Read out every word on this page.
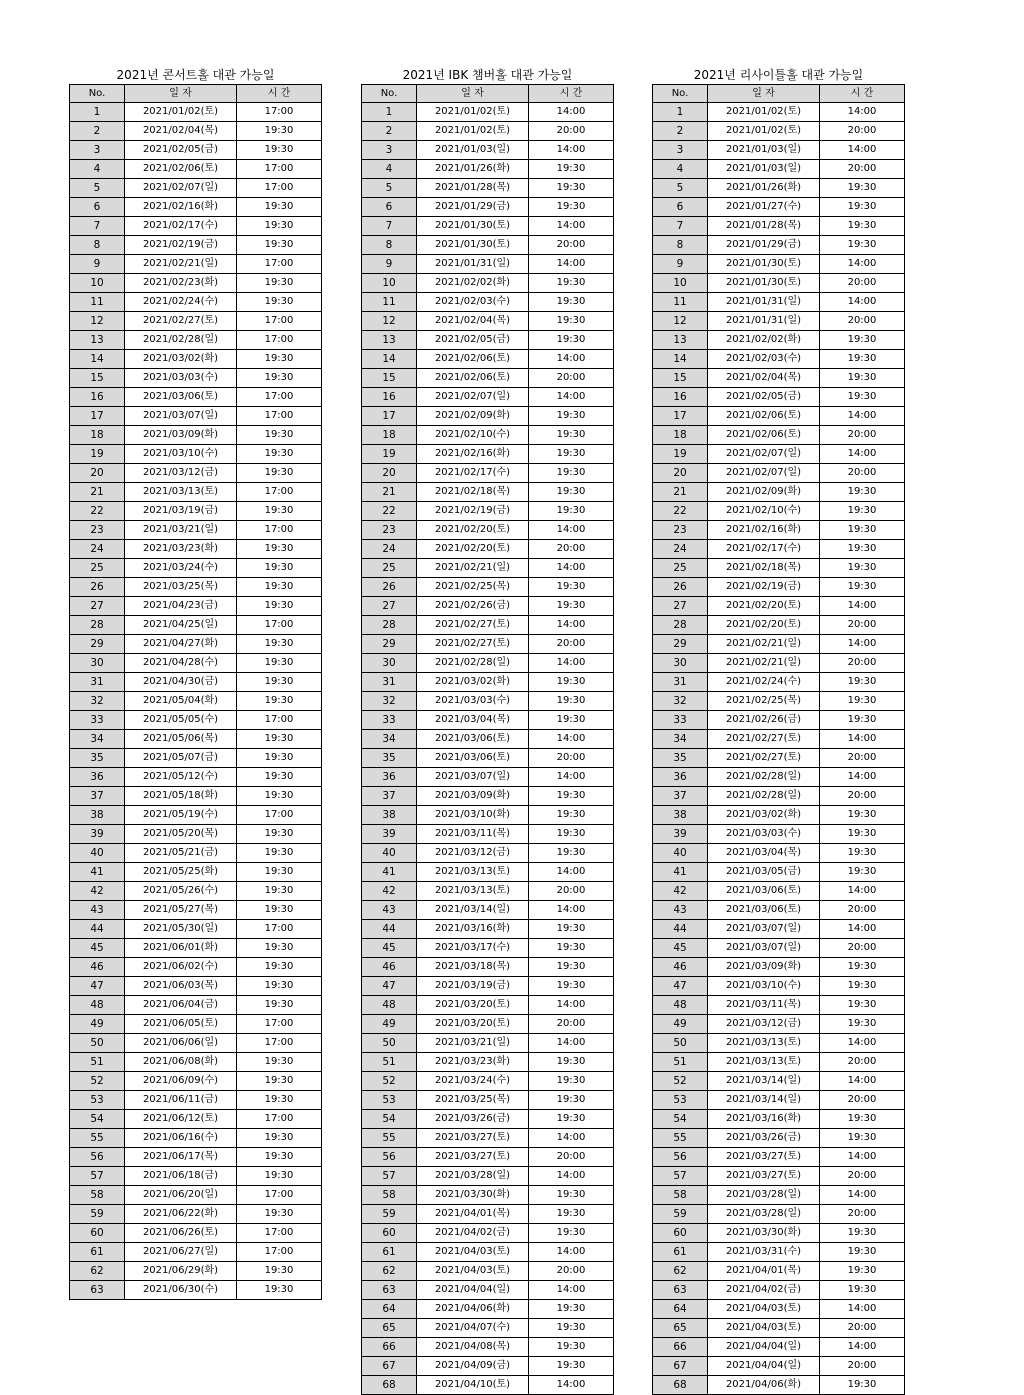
2021년 콘서트홀 대관 가능일
No.	일 자	시 간
1	2021/01/02(토)	17:00
2	2021/02/04(목)	19:30
3	2021/02/05(금)	19:30
4	2021/02/06(토)	17:00
5	2021/02/07(일)	17:00
6	2021/02/16(화)	19:30
7	2021/02/17(수)	19:30
8	2021/02/19(금)	19:30
9	2021/02/21(일)	17:00
10	2021/02/23(화)	19:30
11	2021/02/24(수)	19:30
12	2021/02/27(토)	17:00
13	2021/02/28(일)	17:00
14	2021/03/02(화)	19:30
15	2021/03/03(수)	19:30
16	2021/03/06(토)	17:00
17	2021/03/07(일)	17:00
18	2021/03/09(화)	19:30
19	2021/03/10(수)	19:30
20	2021/03/12(금)	19:30
21	2021/03/13(토)	17:00
22	2021/03/19(금)	19:30
23	2021/03/21(일)	17:00
24	2021/03/23(화)	19:30
25	2021/03/24(수)	19:30
26	2021/03/25(목)	19:30
27	2021/04/23(금)	19:30
28	2021/04/25(일)	17:00
29	2021/04/27(화)	19:30
30	2021/04/28(수)	19:30
31	2021/04/30(금)	19:30
32	2021/05/04(화)	19:30
33	2021/05/05(수)	17:00
34	2021/05/06(목)	19:30
35	2021/05/07(금)	19:30
36	2021/05/12(수)	19:30
37	2021/05/18(화)	19:30
38	2021/05/19(수)	17:00
39	2021/05/20(목)	19:30
40	2021/05/21(금)	19:30
41	2021/05/25(화)	19:30
42	2021/05/26(수)	19:30
43	2021/05/27(목)	19:30
44	2021/05/30(일)	17:00
45	2021/06/01(화)	19:30
46	2021/06/02(수)	19:30
47	2021/06/03(목)	19:30
48	2021/06/04(금)	19:30
49	2021/06/05(토)	17:00
50	2021/06/06(일)	17:00
51	2021/06/08(화)	19:30
52	2021/06/09(수)	19:30
53	2021/06/11(금)	19:30
54	2021/06/12(토)	17:00
55	2021/06/16(수)	19:30
56	2021/06/17(목)	19:30
57	2021/06/18(금)	19:30
58	2021/06/20(일)	17:00
59	2021/06/22(화)	19:30
60	2021/06/26(토)	17:00
61	2021/06/27(일)	17:00
62	2021/06/29(화)	19:30
63	2021/06/30(수)	19:30
2021년 IBK 챔버홀 대관 가능일
No.	일 자	시 간
1	2021/01/02(토)	14:00
2	2021/01/02(토)	20:00
3	2021/01/03(일)	14:00
4	2021/01/26(화)	19:30
5	2021/01/28(목)	19:30
6	2021/01/29(금)	19:30
7	2021/01/30(토)	14:00
8	2021/01/30(토)	20:00
9	2021/01/31(일)	14:00
10	2021/02/02(화)	19:30
11	2021/02/03(수)	19:30
12	2021/02/04(목)	19:30
13	2021/02/05(금)	19:30
14	2021/02/06(토)	14:00
15	2021/02/06(토)	20:00
16	2021/02/07(일)	14:00
17	2021/02/09(화)	19:30
18	2021/02/10(수)	19:30
19	2021/02/16(화)	19:30
20	2021/02/17(수)	19:30
21	2021/02/18(목)	19:30
22	2021/02/19(금)	19:30
23	2021/02/20(토)	14:00
24	2021/02/20(토)	20:00
25	2021/02/21(일)	14:00
26	2021/02/25(목)	19:30
27	2021/02/26(금)	19:30
28	2021/02/27(토)	14:00
29	2021/02/27(토)	20:00
30	2021/02/28(일)	14:00
31	2021/03/02(화)	19:30
32	2021/03/03(수)	19:30
33	2021/03/04(목)	19:30
34	2021/03/06(토)	14:00
35	2021/03/06(토)	20:00
36	2021/03/07(일)	14:00
37	2021/03/09(화)	19:30
38	2021/03/10(화)	19:30
39	2021/03/11(목)	19:30
40	2021/03/12(금)	19:30
41	2021/03/13(토)	14:00
42	2021/03/13(토)	20:00
43	2021/03/14(일)	14:00
44	2021/03/16(화)	19:30
45	2021/03/17(수)	19:30
46	2021/03/18(목)	19:30
47	2021/03/19(금)	19:30
48	2021/03/20(토)	14:00
49	2021/03/20(토)	20:00
50	2021/03/21(일)	14:00
51	2021/03/23(화)	19:30
52	2021/03/24(수)	19:30
53	2021/03/25(목)	19:30
54	2021/03/26(금)	19:30
55	2021/03/27(토)	14:00
56	2021/03/27(토)	20:00
57	2021/03/28(일)	14:00
58	2021/03/30(화)	19:30
59	2021/04/01(목)	19:30
60	2021/04/02(금)	19:30
61	2021/04/03(토)	14:00
62	2021/04/03(토)	20:00
63	2021/04/04(일)	14:00
64	2021/04/06(화)	19:30
65	2021/04/07(수)	19:30
66	2021/04/08(목)	19:30
67	2021/04/09(금)	19:30
68	2021/04/10(토)	14:00
2021년 리사이틀홀 대관 가능일
No.	일 자	시 간
1	2021/01/02(토)	14:00
2	2021/01/02(토)	20:00
3	2021/01/03(일)	14:00
4	2021/01/03(일)	20:00
5	2021/01/26(화)	19:30
6	2021/01/27(수)	19:30
7	2021/01/28(목)	19:30
8	2021/01/29(금)	19:30
9	2021/01/30(토)	14:00
10	2021/01/30(토)	20:00
11	2021/01/31(일)	14:00
12	2021/01/31(일)	20:00
13	2021/02/02(화)	19:30
14	2021/02/03(수)	19:30
15	2021/02/04(목)	19:30
16	2021/02/05(금)	19:30
17	2021/02/06(토)	14:00
18	2021/02/06(토)	20:00
19	2021/02/07(일)	14:00
20	2021/02/07(일)	20:00
21	2021/02/09(화)	19:30
22	2021/02/10(수)	19:30
23	2021/02/16(화)	19:30
24	2021/02/17(수)	19:30
25	2021/02/18(목)	19:30
26	2021/02/19(금)	19:30
27	2021/02/20(토)	14:00
28	2021/02/20(토)	20:00
29	2021/02/21(일)	14:00
30	2021/02/21(일)	20:00
31	2021/02/24(수)	19:30
32	2021/02/25(목)	19:30
33	2021/02/26(금)	19:30
34	2021/02/27(토)	14:00
35	2021/02/27(토)	20:00
36	2021/02/28(일)	14:00
37	2021/02/28(일)	20:00
38	2021/03/02(화)	19:30
39	2021/03/03(수)	19:30
40	2021/03/04(목)	19:30
41	2021/03/05(금)	19:30
42	2021/03/06(토)	14:00
43	2021/03/06(토)	20:00
44	2021/03/07(일)	14:00
45	2021/03/07(일)	20:00
46	2021/03/09(화)	19:30
47	2021/03/10(수)	19:30
48	2021/03/11(목)	19:30
49	2021/03/12(금)	19:30
50	2021/03/13(토)	14:00
51	2021/03/13(토)	20:00
52	2021/03/14(일)	14:00
53	2021/03/14(일)	20:00
54	2021/03/16(화)	19:30
55	2021/03/26(금)	19:30
56	2021/03/27(토)	14:00
57	2021/03/27(토)	20:00
58	2021/03/28(일)	14:00
59	2021/03/28(일)	20:00
60	2021/03/30(화)	19:30
61	2021/03/31(수)	19:30
62	2021/04/01(목)	19:30
63	2021/04/02(금)	19:30
64	2021/04/03(토)	14:00
65	2021/04/03(토)	20:00
66	2021/04/04(일)	14:00
67	2021/04/04(일)	20:00
68	2021/04/06(화)	19:30
